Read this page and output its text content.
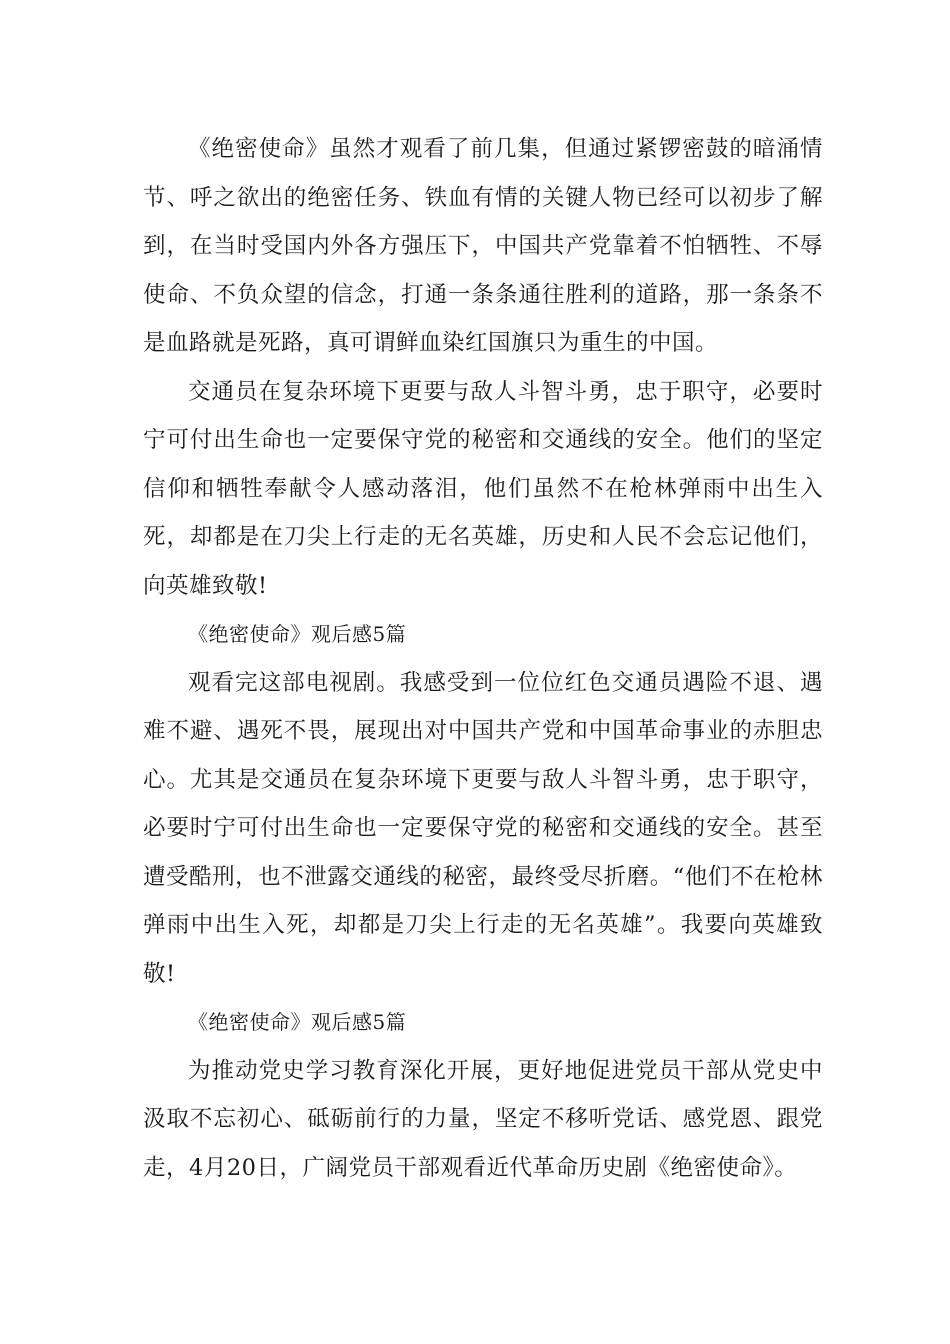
《绝密使命》虽然才观看了前几集，但通过紧锣密鼓的暗涌情节、呼之欲出的绝密任务、铁血有情的关键人物已经可以初步了解到，在当时受国内外各方强压下，中国共产党靠着不怕牺牲、不辱使命、不负众望的信念，打通一条条通往胜利的道路，那一条条不是血路就是死路，真可谓鲜血染红国旗只为重生的中国。

交通员在复杂环境下更要与敌人斗智斗勇，忠于职守，必要时宁可付出生命也一定要保守党的秘密和交通线的安全。他们的坚定信仰和牺牲奉献令人感动落泪，他们虽然不在枪林弹雨中出生入死，却都是在刀尖上行走的无名英雄，历史和人民不会忘记他们，向英雄致敬!

《绝密使命》观后感5篇

观看完这部电视剧。我感受到一位位红色交通员遇险不退、遇难不避、遇死不畏，展现出对中国共产党和中国革命事业的赤胆忠心。尤其是交通员在复杂环境下更要与敌人斗智斗勇，忠于职守，必要时宁可付出生命也一定要保守党的秘密和交通线的安全。甚至遭受酷刑，也不泄露交通线的秘密，最终受尽折磨。“他们不在枪林弹雨中出生入死，却都是刀尖上行走的无名英雄”。我要向英雄致敬!

《绝密使命》观后感5篇

为推动党史学习教育深化开展，更好地促进党员干部从党史中汲取不忘初心、砥砺前行的力量，坚定不移听党话、感党恩、跟党走，4月20日，广阔党员干部观看近代革命历史剧《绝密使命》。
